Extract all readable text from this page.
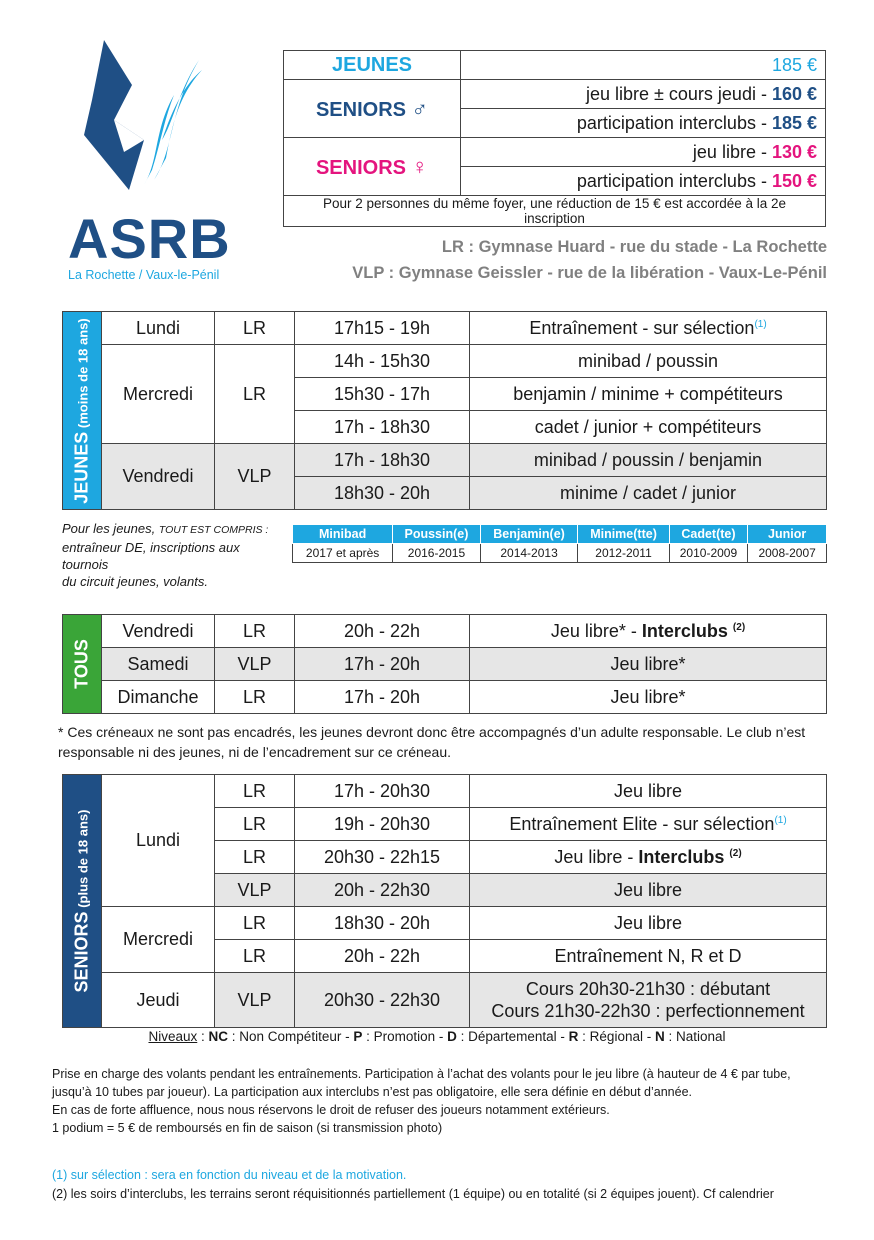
ASRB
La Rochette / Vaux-le-Pénil
JEUNES	185 €
SENIORS ♂	jeu libre ± cours jeudi - 160 €
	participation interclubs - 185 €
SENIORS ♀	jeu libre - 130 €
	participation interclubs - 150 €
Pour 2 personnes du même foyer, une réduction de 15 € est accordée à la 2e inscription	
LR : Gymnase Huard - rue du stade - La Rochette
VLP : Gymnase Geissler - rue de la libération - Vaux-Le-Pénil
JEUNES (moins de 18 ans)	Lundi	LR	17h15 - 19h	Entraînement - sur sélection$^{(1)}$
	Mercredi	LR	14h - 15h30	minibad / poussin
			15h30 - 17h	benjamin / minime + compétiteurs
			17h - 18h30	cadet / junior + compétiteurs
	Vendredi	VLP	17h - 18h30	minibad / poussin / benjamin
			18h30 - 20h	minime / cadet / junior
Pour les jeunes, TOUT EST COMPRIS :
entraîneur DE, inscriptions aux tournois
du circuit jeunes, volants.
Minibad	Poussin(e)	Benjamin(e)	Minime(tte)	Cadet(te)	Junior
2017 et après	2016-2015	2014-2013	2012-2011	2010-2009	2008-2007
TOUS	Vendredi	LR	20h - 22h	Jeu libre* - Interclubs $^{(2)}$
	Samedi	VLP	17h - 20h	Jeu libre*
	Dimanche	LR	17h - 20h	Jeu libre*
* Ces créneaux ne sont pas encadrés, les jeunes devront donc être accompagnés d’un adulte responsable. Le club n’est responsable ni des jeunes, ni de l’encadrement sur ce créneau.
SENIORS (plus de 18 ans)	Lundi	LR	17h - 20h30	Jeu libre
		LR	19h - 20h30	Entraînement Elite - sur sélection$^{(1)}$
		LR	20h30 - 22h15	Jeu libre - Interclubs $^{(2)}$
		VLP	20h - 22h30	Jeu libre
	Mercredi	LR	18h30 - 20h	Jeu libre
		LR	20h - 22h	Entraînement N, R et D
	Jeudi	VLP	20h30 - 22h30	Cours 20h30-21h30 : débutant
Cours 21h30-22h30 : perfectionnement
Niveaux : NC : Non Compétiteur - P : Promotion - D : Départemental - R : Régional - N : National
Prise en charge des volants pendant les entraînements. Participation à l’achat des volants pour le jeu libre (à hauteur de 4 € par tube, jusqu’à 10 tubes par joueur). La participation aux interclubs n’est pas obligatoire, elle sera définie en début d’année.
En cas de forte affluence, nous nous réservons le droit de refuser des joueurs notamment extérieurs.
1 podium = 5 € de remboursés en fin de saison (si transmission photo)
(1) sur sélection : sera en fonction du niveau et de la motivation.
(2) les soirs d’interclubs, les terrains seront réquisitionnés partiellement (1 équipe) ou en totalité (si 2 équipes jouent). Cf calendrier
